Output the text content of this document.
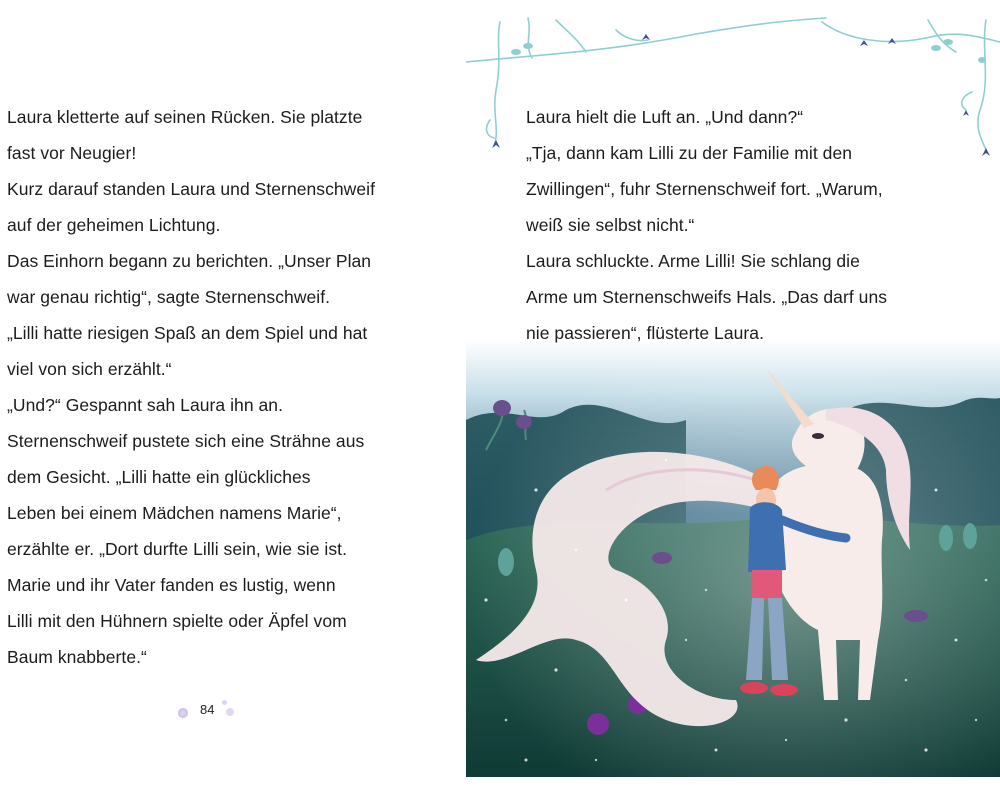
Laura kletterte auf seinen Rücken. Sie platzte
fast vor Neugier!
Kurz darauf standen Laura und Sternenschweif
auf der geheimen Lichtung.
Das Einhorn begann zu berichten. „Unser Plan
war genau richtig“, sagte Sternenschweif.
„Lilli hatte riesigen Spaß an dem Spiel und hat
viel von sich erzählt.“
„Und?“ Gespannt sah Laura ihn an.
Sternenschweif pustete sich eine Strähne aus
dem Gesicht. „Lilli hatte ein glückliches
Leben bei einem Mädchen namens Marie“,
erzählte er. „Dort durfte Lilli sein, wie sie ist.
Marie und ihr Vater fanden es lustig, wenn
Lilli mit den Hühnern spielte oder Äpfel vom
Baum knabberte.“
84
Laura hielt die Luft an. „Und dann?“
„Tja, dann kam Lilli zu der Familie mit den
Zwillingen“, fuhr Sternenschweif fort. „Warum,
weiß sie selbst nicht.“
Laura schluckte. Arme Lilli! Sie schlang die
Arme um Sternenschweifs Hals. „Das darf uns
nie passieren“, flüsterte Laura.
